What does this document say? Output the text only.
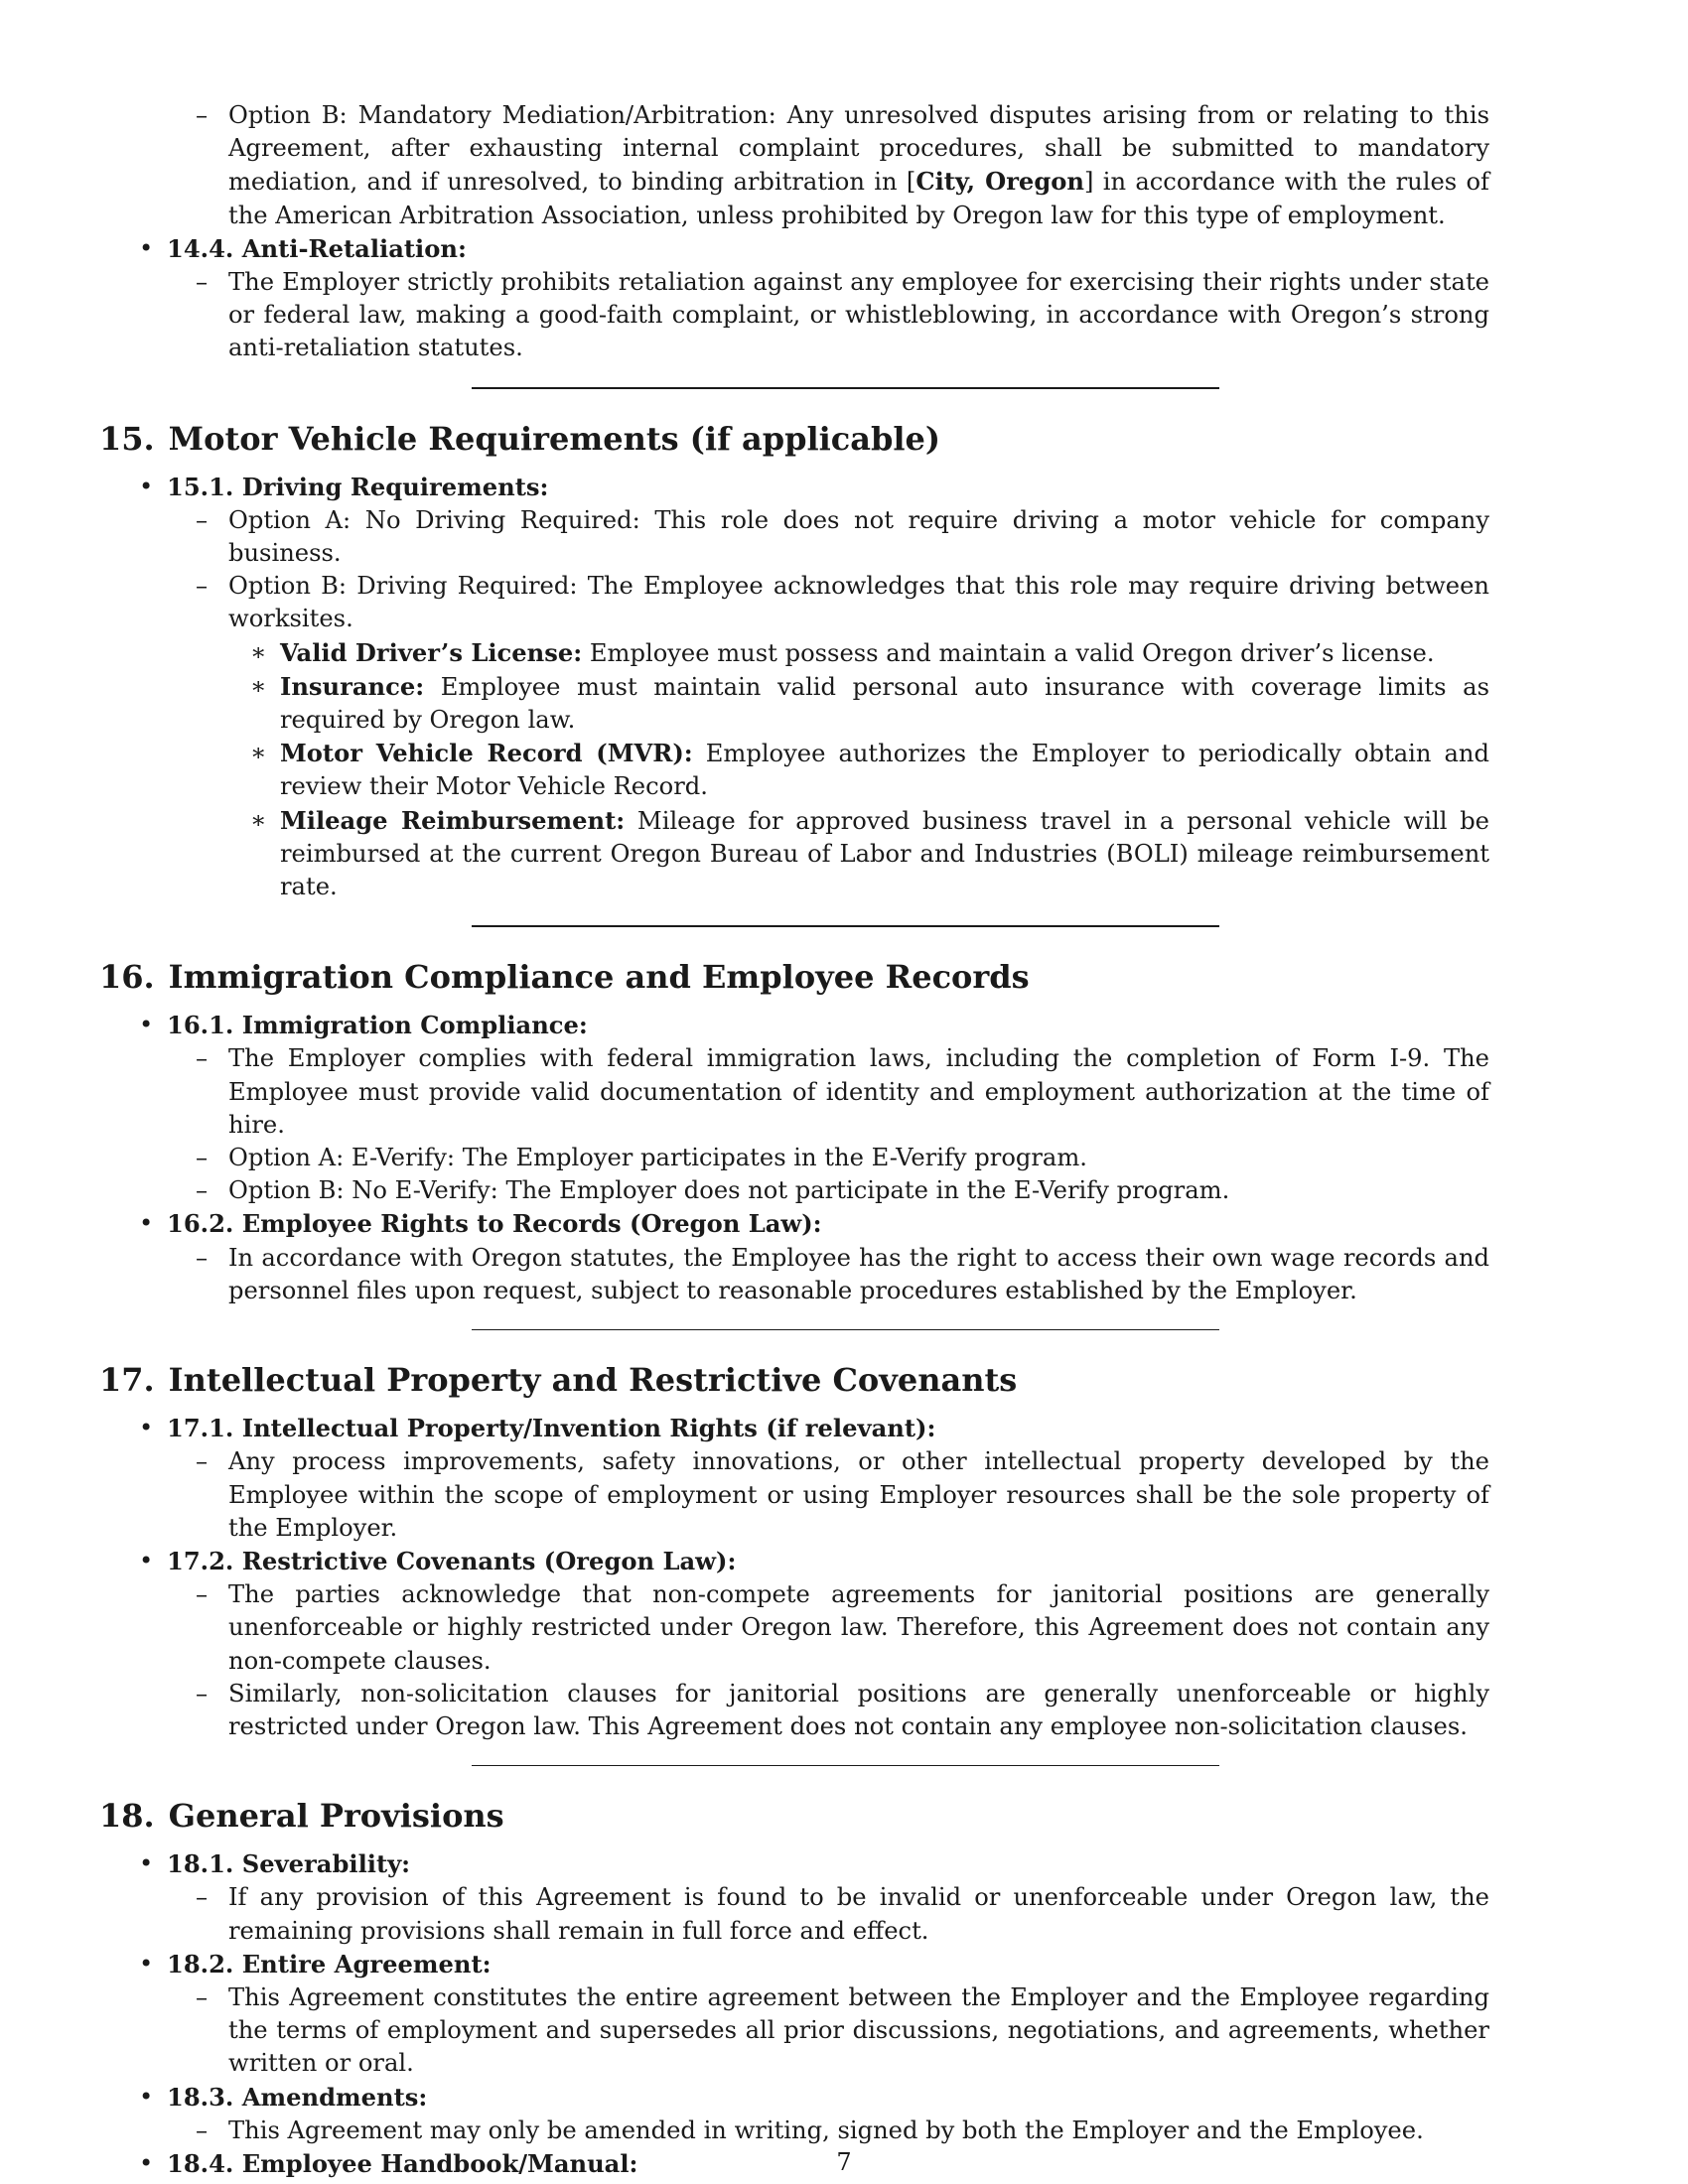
– Option B: Mandatory Mediation/Arbitration: Any unresolved disputes arising from or relating to this Agreement, after exhausting internal complaint procedures, shall be submitted to mandatory mediation, and if unresolved, to binding arbitration in [City, Oregon] in accordance with the rules of the American Arbitration Association, unless prohibited by Oregon law for this type of employment.
• 14.4. Anti-Retaliation:
– The Employer strictly prohibits retaliation against any employee for exercising their rights under state or federal law, making a good-faith complaint, or whistleblowing, in accordance with Oregon’s strong anti-retaliation statutes.
15. Motor Vehicle Requirements (if applicable)
• 15.1. Driving Requirements:
– Option A: No Driving Required: This role does not require driving a motor vehicle for company business.
– Option B: Driving Required: The Employee acknowledges that this role may require driving between worksites.
∗ Valid Driver’s License: Employee must possess and maintain a valid Oregon driver’s license.
∗ Insurance: Employee must maintain valid personal auto insurance with coverage limits as required by Oregon law.
∗ Motor Vehicle Record (MVR): Employee authorizes the Employer to periodically obtain and review their Motor Vehicle Record.
∗ Mileage Reimbursement: Mileage for approved business travel in a personal vehicle will be reimbursed at the current Oregon Bureau of Labor and Industries (BOLI) mileage reimbursement rate.
16. Immigration Compliance and Employee Records
• 16.1. Immigration Compliance:
– The Employer complies with federal immigration laws, including the completion of Form I-9. The Employee must provide valid documentation of identity and employment authorization at the time of hire.
– Option A: E-Verify: The Employer participates in the E-Verify program.
– Option B: No E-Verify: The Employer does not participate in the E-Verify program.
• 16.2. Employee Rights to Records (Oregon Law):
– In accordance with Oregon statutes, the Employee has the right to access their own wage records and personnel files upon request, subject to reasonable procedures established by the Employer.
17. Intellectual Property and Restrictive Covenants
• 17.1. Intellectual Property/Invention Rights (if relevant):
– Any process improvements, safety innovations, or other intellectual property developed by the Employee within the scope of employment or using Employer resources shall be the sole property of the Employer.
• 17.2. Restrictive Covenants (Oregon Law):
– The parties acknowledge that non-compete agreements for janitorial positions are generally unenforceable or highly restricted under Oregon law. Therefore, this Agreement does not contain any non-compete clauses.
– Similarly, non-solicitation clauses for janitorial positions are generally unenforceable or highly restricted under Oregon law. This Agreement does not contain any employee non-solicitation clauses.
18. General Provisions
• 18.1. Severability:
– If any provision of this Agreement is found to be invalid or unenforceable under Oregon law, the remaining provisions shall remain in full force and effect.
• 18.2. Entire Agreement:
– This Agreement constitutes the entire agreement between the Employer and the Employee regarding the terms of employment and supersedes all prior discussions, negotiations, and agreements, whether written or oral.
• 18.3. Amendments:
– This Agreement may only be amended in writing, signed by both the Employer and the Employee.
• 18.4. Employee Handbook/Manual:	7
